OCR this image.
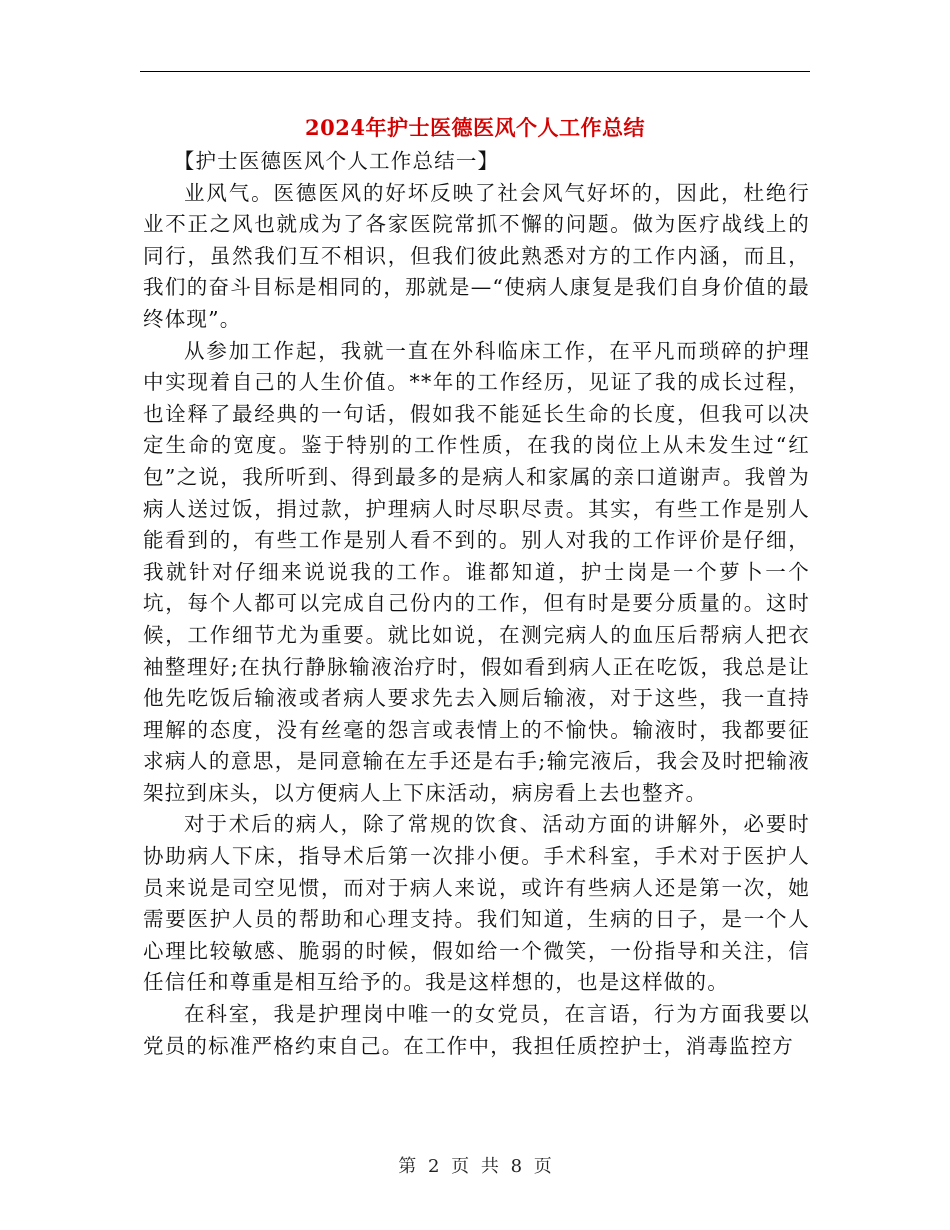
2024年护士医德医风个人工作总结

【护士医德医风个人工作总结一】

业风气。医德医风的好坏反映了社会风气好坏的，因此，杜绝行业不正之风也就成为了各家医院常抓不懈的问题。做为医疗战线上的同行，虽然我们互不相识，但我们彼此熟悉对方的工作内涵，而且，我们的奋斗目标是相同的，那就是—“使病人康复是我们自身价值的最终体现”。

从参加工作起，我就一直在外科临床工作，在平凡而琐碎的护理中实现着自己的人生价值。**年的工作经历，见证了我的成长过程，也诠释了最经典的一句话，假如我不能延长生命的长度，但我可以决定生命的宽度。鉴于特别的工作性质，在我的岗位上从未发生过“红包”之说，我所听到、得到最多的是病人和家属的亲口道谢声。我曾为病人送过饭，捐过款，护理病人时尽职尽责。其实，有些工作是别人能看到的，有些工作是别人看不到的。别人对我的工作评价是仔细，我就针对仔细来说说我的工作。谁都知道，护士岗是一个萝卜一个坑，每个人都可以完成自己份内的工作，但有时是要分质量的。这时候，工作细节尤为重要。就比如说，在测完病人的血压后帮病人把衣袖整理好;在执行静脉输液治疗时，假如看到病人正在吃饭，我总是让他先吃饭后输液或者病人要求先去入厕后输液，对于这些，我一直持理解的态度，没有丝毫的怨言或表情上的不愉快。输液时，我都要征求病人的意思，是同意输在左手还是右手;输完液后，我会及时把输液架拉到床头，以方便病人上下床活动，病房看上去也整齐。

对于术后的病人，除了常规的饮食、活动方面的讲解外，必要时协助病人下床，指导术后第一次排小便。手术科室，手术对于医护人员来说是司空见惯，而对于病人来说，或许有些病人还是第一次，她需要医护人员的帮助和心理支持。我们知道，生病的日子，是一个人心理比较敏感、脆弱的时候，假如给一个微笑，一份指导和关注，信任信任和尊重是相互给予的。我是这样想的，也是这样做的。

在科室，我是护理岗中唯一的女党员，在言语，行为方面我要以党员的标准严格约束自己。在工作中，我担任质控护士，消毒监控方

第 2 页 共 8 页
